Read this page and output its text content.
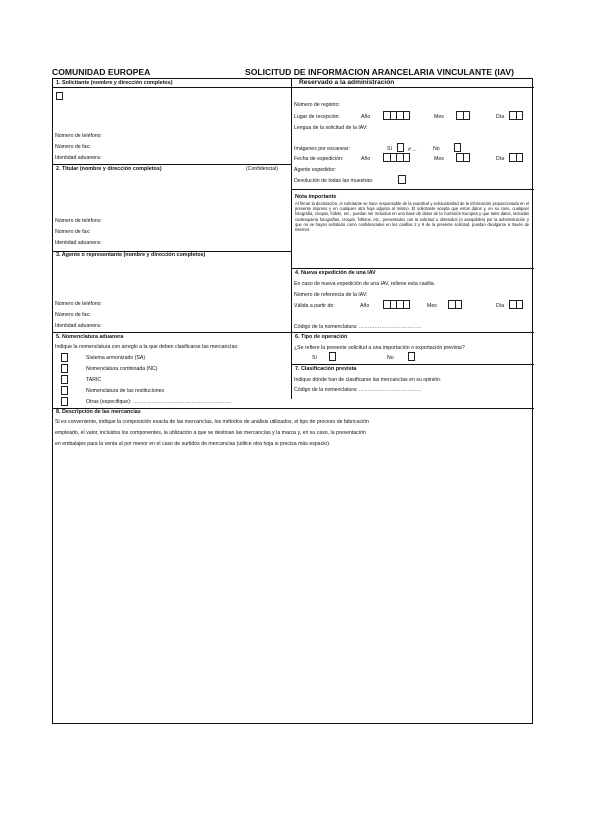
COMUNIDAD EUROPEA	SOLICITUD DE INFORMACION ARANCELARIA VINCULANTE (IAV)
1. Solicitante (nombre y dirección completos)
Número de teléfono:
Número de fax:
Identidad aduanera:
2. Titular (nombre y dirección completos)	(Confidencial)
Número de teléfono:
Número de fax:
Identidad aduanera:
3. Agente o representante (nombre y dirección completos)
Número de teléfono:
Número de fax:
Identidad aduanera:
5. Nomenclatura aduanera
Indique la nomenclatura con arreglo a la que deben clasificarse las mercancías:
Sistema armonizado (SA)
Nomenclatura combinada (NC)
TARIC
Nomenclatura de las restituciones
Otras (especifique): …………………………………………………
Reservado a la administración
Número de registro:
Lugar de recepción:	Año	Mes	Día
Lengua de la solicitud de la IAV:
Imágenes por escanear:	Sí	# ...	No
Fecha de expedición:	Año	Mes	Día
Agente expedidor:
Devolución de todas las muestras:
Nota importante
Al firmar la declaración, el solicitante se hace responsable de la exactitud y exhaustividad de la información proporcionada en el presente impreso y en cualquier otra hoja adjunta al mismo. El solicitante acepta que estos datos y, en su caso, cualquier fotografía, croquis, folleto, etc., puedan ser incluidos en una base de datos de la Comisión Europea y que tales datos, incluidas cualesquiera fotografías, croquis, folletos, etc., presentados con la solicitud u obtenidos (o asequibles) por la administración y que no se hayan señalado como confidenciales en las casillas 2 y 9 de la presente solicitud, puedan divulgarse a través de Internet.
4. Nueva expedición de una IAV
En caso de nueva expedición de una IAV, rellene esta casilla.
Número de referencia de la IAV:
Válida a partir de:	Año	Mes	Día
Código de la nomenclatura: ………………………………
6. Tipo de operación
¿Se refiere la presente solicitud a una importación o exportación prevista?
Sí	No
7. Clasificación prevista
Indique dónde han de clasificarse las mercancías en su opinión.
Código de la nomenclatura: ………………………………
8. Descripción de las mercancías
Si es conveniente, indique la composición exacta de las mercancías, los métodos de análisis utilizados, el tipo de proceso de fabricación
empleado, el valor, incluidos los componentes, la utilización a que se destinan las mercancías y la marca y, en su caso, la presentación
en embalajes para la venta al por menor en el caso de surtidos de mercancías (utilice otra hoja si precisa más espacio).
